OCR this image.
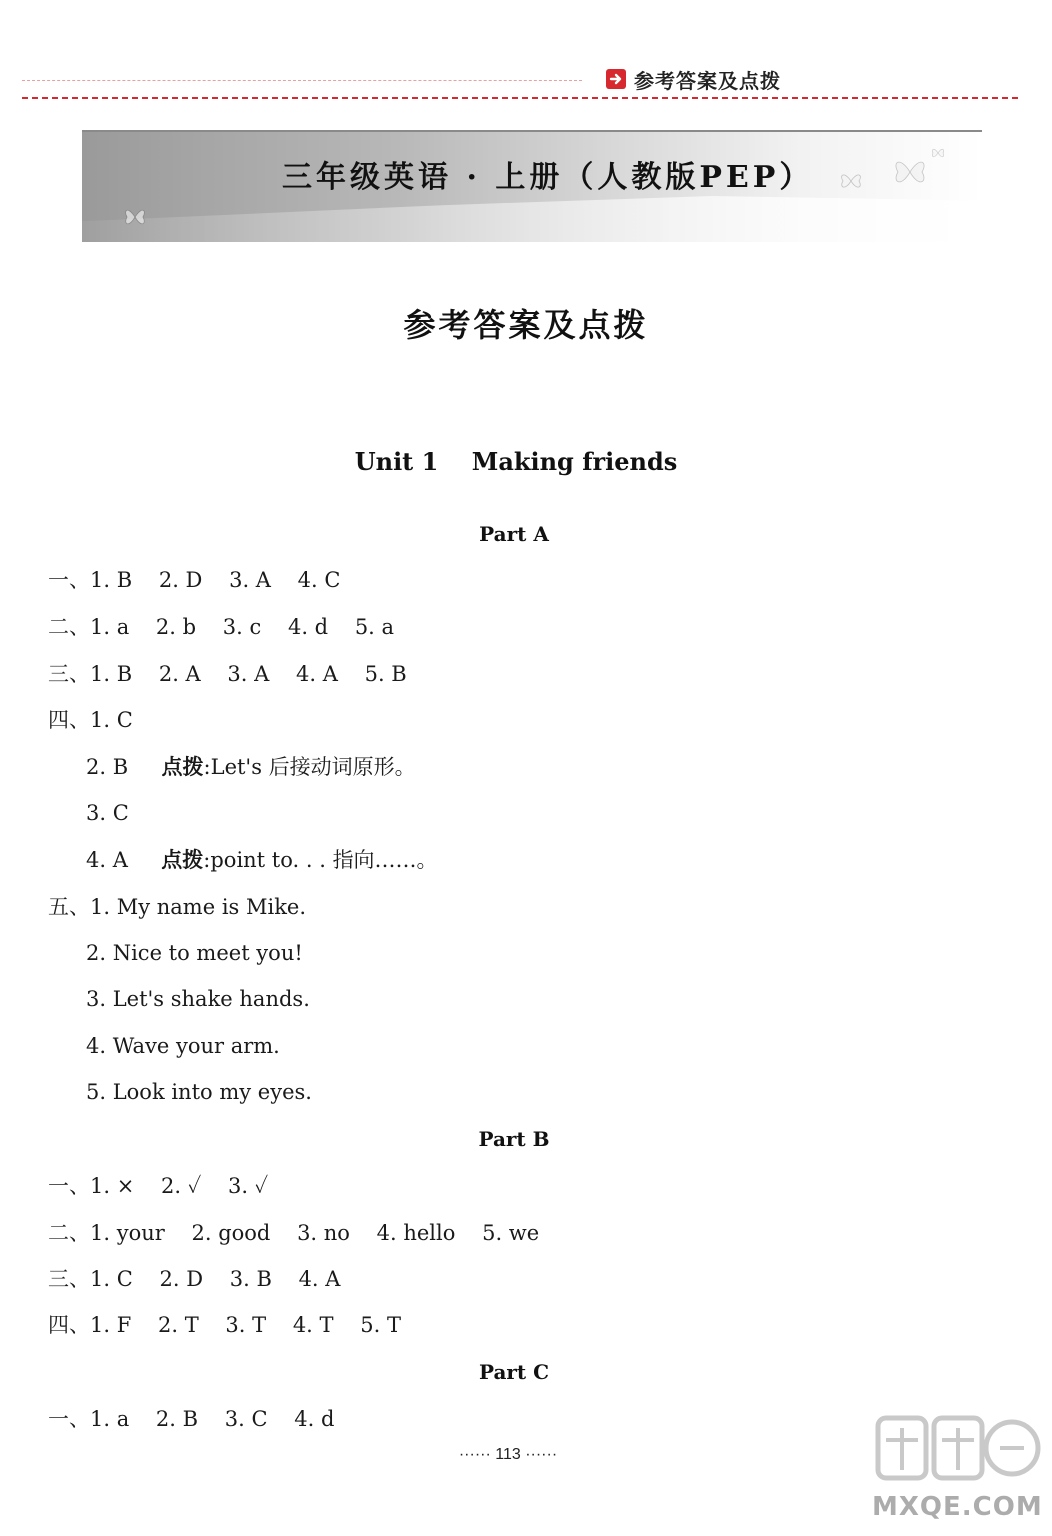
参考答案及点拨
三年级英语 · 上册（人教版PEP）
参考答案及点拨
Unit 1    Making friends
Part A
一、1. B    2. D    3. A    4. C
二、1. a    2. b    3. c    4. d    5. a
三、1. B    2. A    3. A    4. A    5. B
四、1. C
2. B 点拨:Let's 后接动词原形。
3. C
4. A 点拨:point to. . . 指向……。
五、1. My name is Mike.
2. Nice to meet you!
3. Let's shake hands.
4. Wave your arm.
5. Look into my eyes.
Part B
一、1. ×    2. ✓    3. ✓
二、1. your    2. good    3. no    4. hello    5. we
三、1. C    2. D    3. B    4. A
四、1. F    2. T    3. T    4. T    5. T
Part C
一、1. a    2. B    3. C    4. d
······ 113 ······
MXQE.COM
